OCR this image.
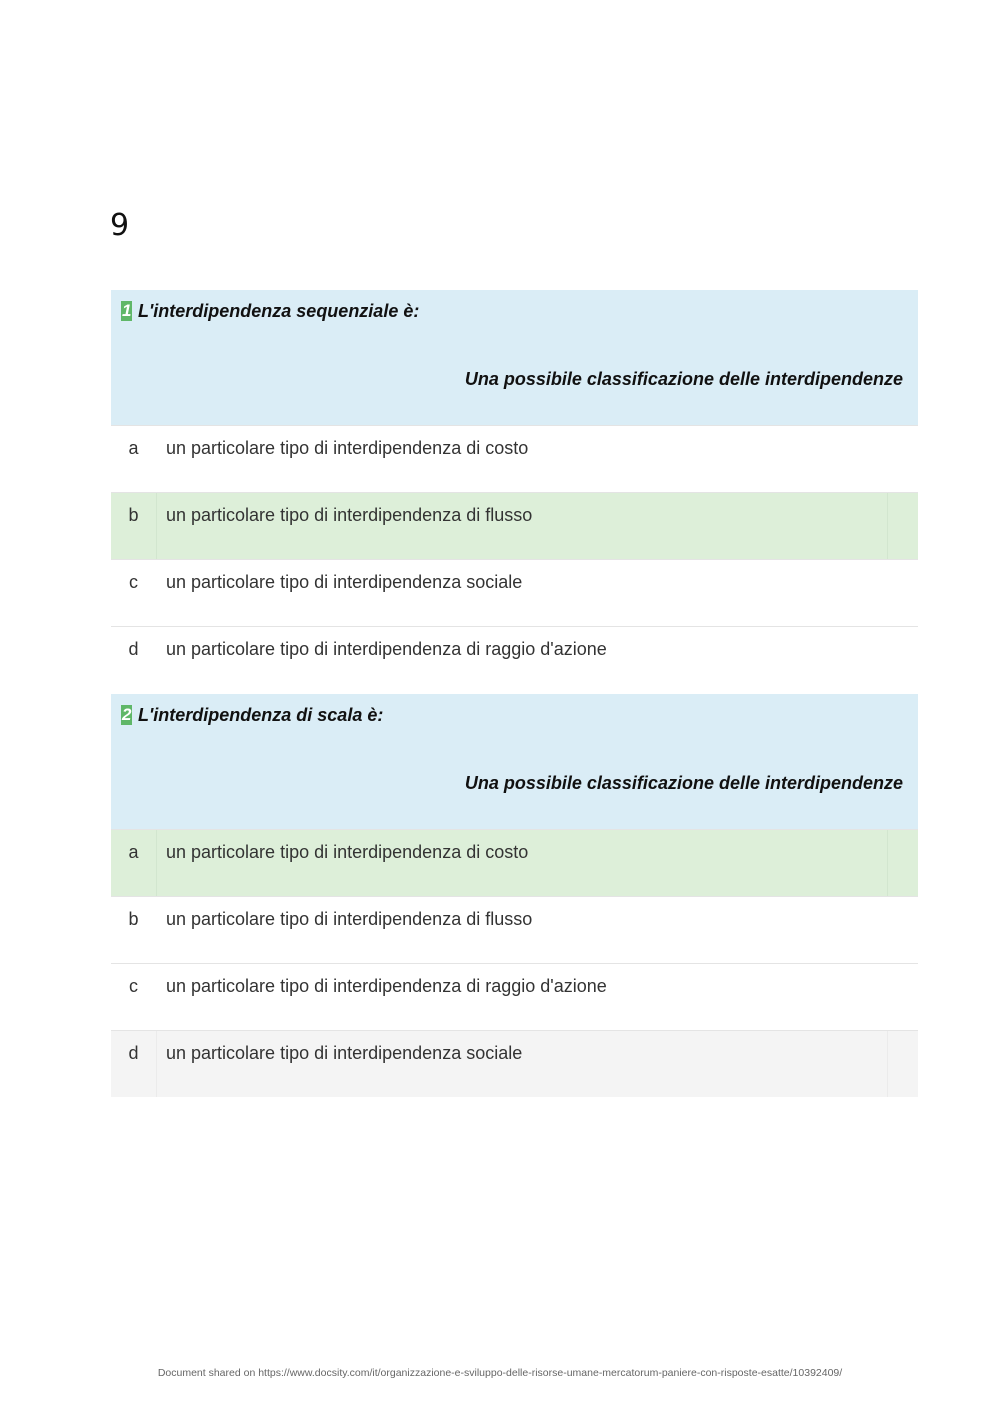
9
1 L'interdipendenza sequenziale è:
Una possibile classificazione delle interdipendenze
a	un particolare tipo di interdipendenza di costo
b	un particolare tipo di interdipendenza di flusso
c	un particolare tipo di interdipendenza sociale
d	un particolare tipo di interdipendenza di raggio d'azione
2 L'interdipendenza di scala è:
Una possibile classificazione delle interdipendenze
a	un particolare tipo di interdipendenza di costo
b	un particolare tipo di interdipendenza di flusso
c	un particolare tipo di interdipendenza di raggio d'azione
d	un particolare tipo di interdipendenza sociale
Document shared on https://www.docsity.com/it/organizzazione-e-sviluppo-delle-risorse-umane-mercatorum-paniere-con-risposte-esatte/10392409/
